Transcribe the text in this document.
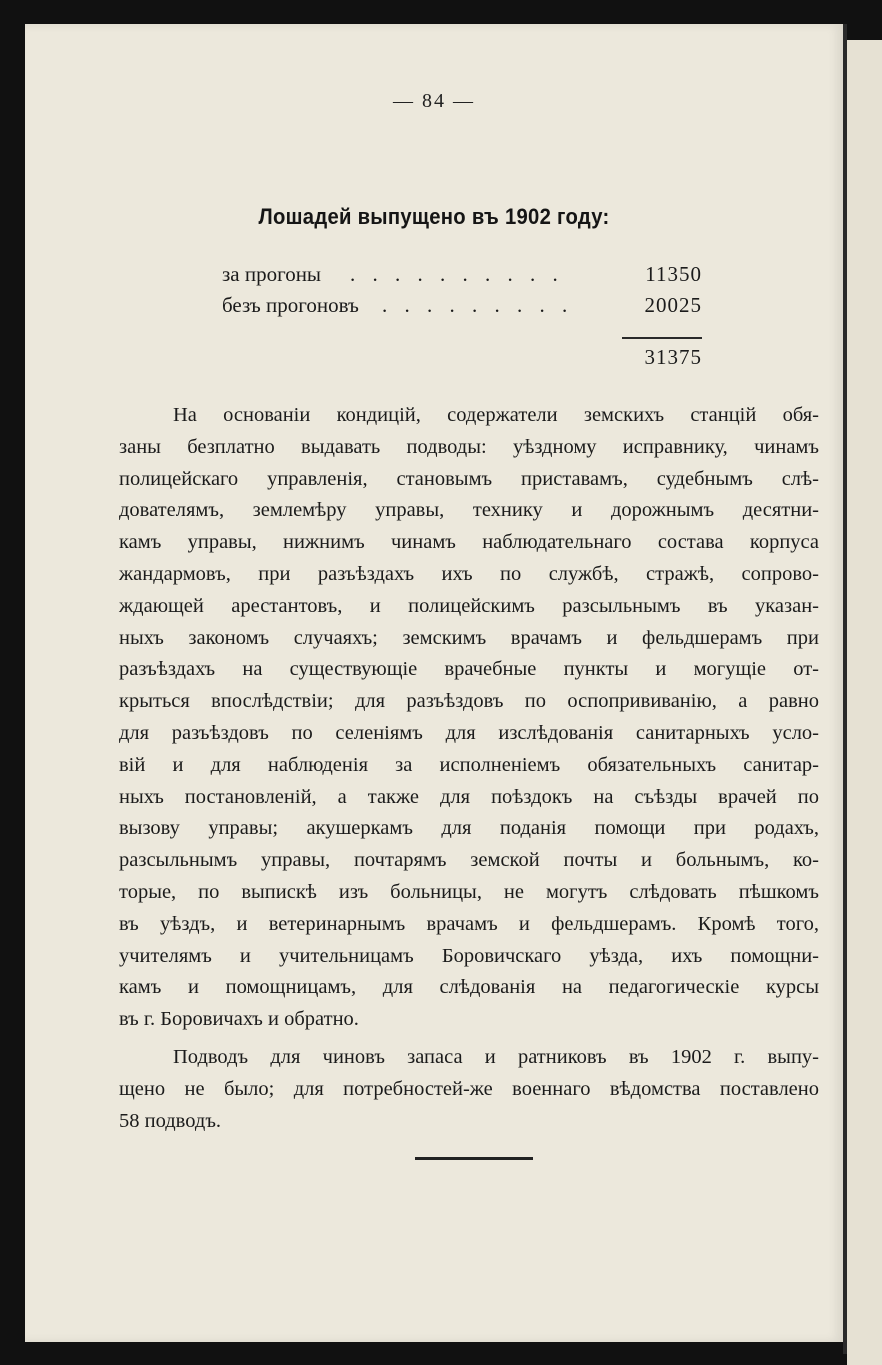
— 84 —
Лошадей выпущено въ 1902 году:
за прогоны . . . . . . . . . .	11350
безъ прогоновъ . . . . . . . . .	20025
31375
На основаніи кондицій, содержатели земскихъ станцій обя-
заны безплатно выдавать подводы: уѣздному исправнику, чинамъ
полицейскаго управленія, становымъ приставамъ, судебнымъ слѣ-
дователямъ, землемѣру управы, технику и дорожнымъ десятни-
камъ управы, нижнимъ чинамъ наблюдательнаго состава корпуса
жандармовъ, при разъѣздахъ ихъ по службѣ, стражѣ, сопрово-
ждающей арестантовъ, и полицейскимъ разсыльнымъ въ указан-
ныхъ закономъ случаяхъ; земскимъ врачамъ и фельдшерамъ при
разъѣздахъ на существующіе врачебные пункты и могущіе от-
крыться впослѣдствіи; для разъѣздовъ по оспопрививанію, а равно
для разъѣздовъ по селеніямъ для изслѣдованія санитарныхъ усло-
вій и для наблюденія за исполненіемъ обязательныхъ санитар-
ныхъ постановленій, а также для поѣздокъ на съѣзды врачей по
вызову управы; акушеркамъ для поданія помощи при родахъ,
разсыльнымъ управы, почтарямъ земской почты и больнымъ, ко-
торые, по выпискѣ изъ больницы, не могутъ слѣдовать пѣшкомъ
въ уѣздъ, и ветеринарнымъ врачамъ и фельдшерамъ. Кромѣ того,
учителямъ и учительницамъ Боровичскаго уѣзда, ихъ помощни-
камъ и помощницамъ, для слѣдованія на педагогическіе курсы
въ г. Боровичахъ и обратно.
Подводъ для чиновъ запаса и ратниковъ въ 1902 г. выпу-
щено не было; для потребностей-же военнаго вѣдомства поставлено
58 подводъ.
